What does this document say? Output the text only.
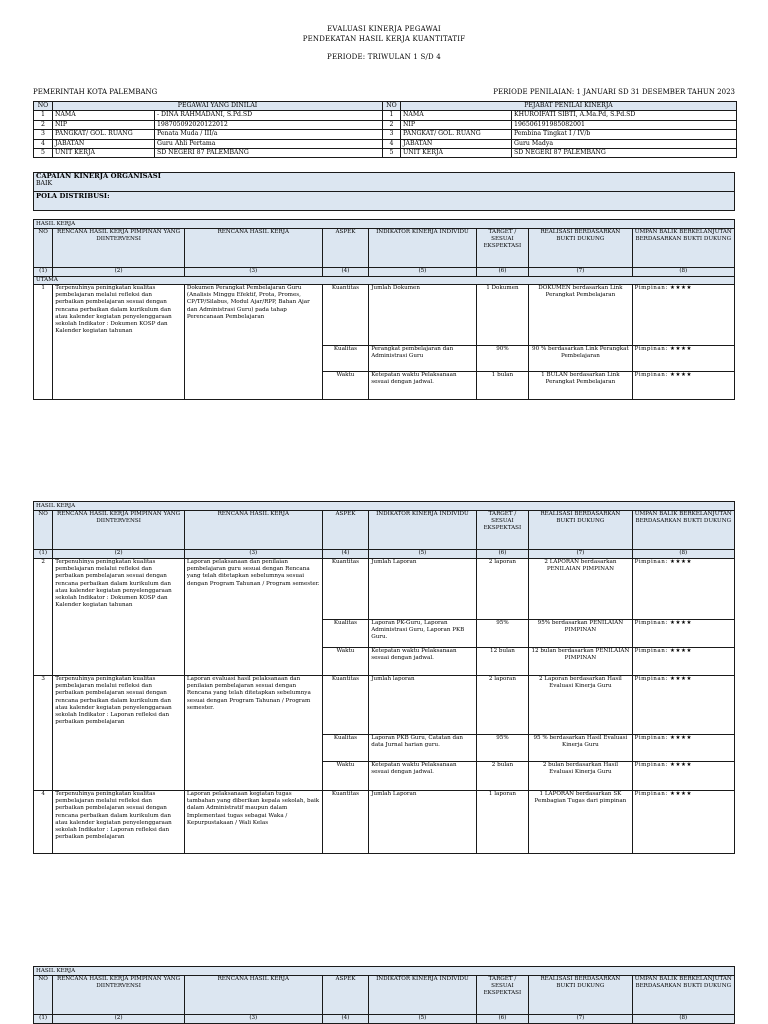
EVALUASI KINERJA PEGAWAI
PENDEKATAN HASIL KERJA KUANTITATIF
PERIODE: TRIWULAN 1 S/D 4
PEMERINTAH KOTA PALEMBANG	PERIODE PENILAIAN: 1 JANUARI SD 31 DESEMBER TAHUN 2023
NO	PEGAWAI YANG DINILAI		NO	PEJABAT PENILAI KINERJA	
1	NAMA	- DINA RAHMADANI, S.Pd.SD	1	NAMA	KHUROIFATI SIBTI, A.Ma.Pd, S.Pd.SD
2	NIP	198705092020122012	2	NIP	196506191985082001
3	PANGKAT/ GOL. RUANG	Penata Muda / III/a	3	PANGKAT/ GOL. RUANG	Pembina Tingkat I / IV/b
4	JABATAN	Guru Ahli Pertama	4	JABATAN	Guru Madya
5	UNIT KERJA	SD NEGERI 87 PALEMBANG	5	UNIT KERJA	SD NEGERI 87 PALEMBANG
CAPAIAN KINERJA ORGANISASI
BAIK

POLA DISTRIBUSI:
HASIL KERJA							
NO	RENCANA HASIL KERJA PIMPINAN YANG DIINTERVENSI	RENCANA HASIL KERJA	ASPEK	INDIKATOR KINERJA INDIVIDU	TARGET / SESUAI EKSPEKTASI	REALISASI BERDASARKAN BUKTI DUKUNG	UMPAN BALIK BERKELANJUTAN BERDASARKAN BUKTI DUKUNG
(1)	(2)	(3)	(4)	(5)	(6)	(7)	(8)
UTAMA							
1	Terpenuhinya peningkatan kualitas pembelajaran melalui refleksi dan perbaikan pembelajaran sesuai dengan rencana perbaikan dalam kurikulum dan atau kalender kegiatan penyelenggaraan sekolah Indikator : Dokumen KOSP dan Kalender kegiatan tahunan	Dokumen Perangkat Pembelajaran Guru (Analisis Minggu Efektif, Prota, Promes, CP/TP/Silabus, Modul Ajar/RPP, Bahan Ajar dan Administrasi Guru) pada tahap Perencanaan Pembelajaran	Kuantitas	Jumlah Dokumen	1 Dokumen	DOKUMEN berdasarkan Link Perangkat Pembelajaran	Pimpinan: ★★★★
			Kualitas	Perangkat pembelajaran dan Administrasi Guru	90%	90 % berdasarkan Link Perangkat Pembelajaran	Pimpinan: ★★★★
			Waktu	Ketepatan waktu Pelaksanaan sesuai dengan jadwal.	1 bulan	1 BULAN berdasarkan Link Perangkat Pembelajaran	Pimpinan: ★★★★
HASIL KERJA							
NO	RENCANA HASIL KERJA PIMPINAN YANG DIINTERVENSI	RENCANA HASIL KERJA	ASPEK	INDIKATOR KINERJA INDIVIDU	TARGET / SESUAI EKSPEKTASI	REALISASI BERDASARKAN BUKTI DUKUNG	UMPAN BALIK BERKELANJUTAN BERDASARKAN BUKTI DUKUNG
(1)	(2)	(3)	(4)	(5)	(6)	(7)	(8)
2	Terpenuhinya peningkatan kualitas pembelajaran melalui refleksi dan perbaikan pembelajaran sesuai dengan rencana perbaikan dalam kurikulum dan atau kalender kegiatan penyelenggaraan sekolah Indikator : Dokumen KOSP dan Kalender kegiatan tahunan	Laporan pelaksanaan dan penilaian pembelajaran guru sesuai dengan Rencana yang telah ditetapkan sebelumnya sesuai dengan Program Tahunan / Program semester.	Kuantitas	Jumlah Laporan	2 laporan	2 LAPORAN berdasarkan PENILAIAN PIMPINAN	Pimpinan: ★★★★
			Kualitas	Laporan PK-Guru, Laporan Administrasi Guru, Laporan PKB Guru.	95%	95% berdasarkan PENILAIAN PIMPINAN	Pimpinan: ★★★★
			Waktu	Ketepatan waktu Pelaksanaan sesuai dengan jadwal.	12 bulan	12 bulan berdasarkan PENILAIAN PIMPINAN	Pimpinan: ★★★★
3	Terpenuhinya peningkatan kualitas pembelajaran melalui refleksi dan perbaikan pembelajaran sesuai dengan rencana perbaikan dalam kurikulum dan atau kalender kegiatan penyelenggaraan sekolah Indikator : Laporan refleksi dan perbaikan pembelajaran	Laporan evaluasi hasil pelaksanaan dan penilaian pembelajaran sesuai dengan Rencana yang telah ditetapkan sebelumnya sesuai dengan Program Tahunan / Program semester.	Kuantitas	Jumlah laporan	2 laporan	2 Laporan berdasarkan Hasil Evaluasi Kinerja Guru	Pimpinan: ★★★★
			Kualitas	Laporan PKB Guru, Catatan dan data Jurnal harian guru.	95%	95 % berdasarkan Hasil Evaluasi Kinerja Guru	Pimpinan: ★★★★
			Waktu	Ketepatan waktu Pelaksanaan sesuai dengan jadwal.	2 bulan	2 bulan berdasarkan Hasil Evaluasi Kinerja Guru	Pimpinan: ★★★★
4	Terpenuhinya peningkatan kualitas pembelajaran melalui refleksi dan perbaikan pembelajaran sesuai dengan rencana perbaikan dalam kurikulum dan atau kalender kegiatan penyelenggaraan sekolah Indikator : Laporan refleksi dan perbaikan pembelajaran	Laporan pelaksanaan kegiatan tugas tambahan yang diberikan kepala sekolah, baik dalam Administratif maupun dalam Implementasi tugas sebagai Waka / Kepurpustakaan / Wali Kelas	Kuantitas	Jumlah Laporan	1 laporan	1 LAPORAN berdasarkan SK Pembagian Tugas dari pimpinan	Pimpinan: ★★★★
HASIL KERJA							
NO	RENCANA HASIL KERJA PIMPINAN YANG DIINTERVENSI	RENCANA HASIL KERJA	ASPEK	INDIKATOR KINERJA INDIVIDU	TARGET / SESUAI EKSPEKTASI	REALISASI BERDASARKAN BUKTI DUKUNG	UMPAN BALIK BERKELANJUTAN BERDASARKAN BUKTI DUKUNG
(1)	(2)	(3)	(4)	(5)	(6)	(7)	(8)
